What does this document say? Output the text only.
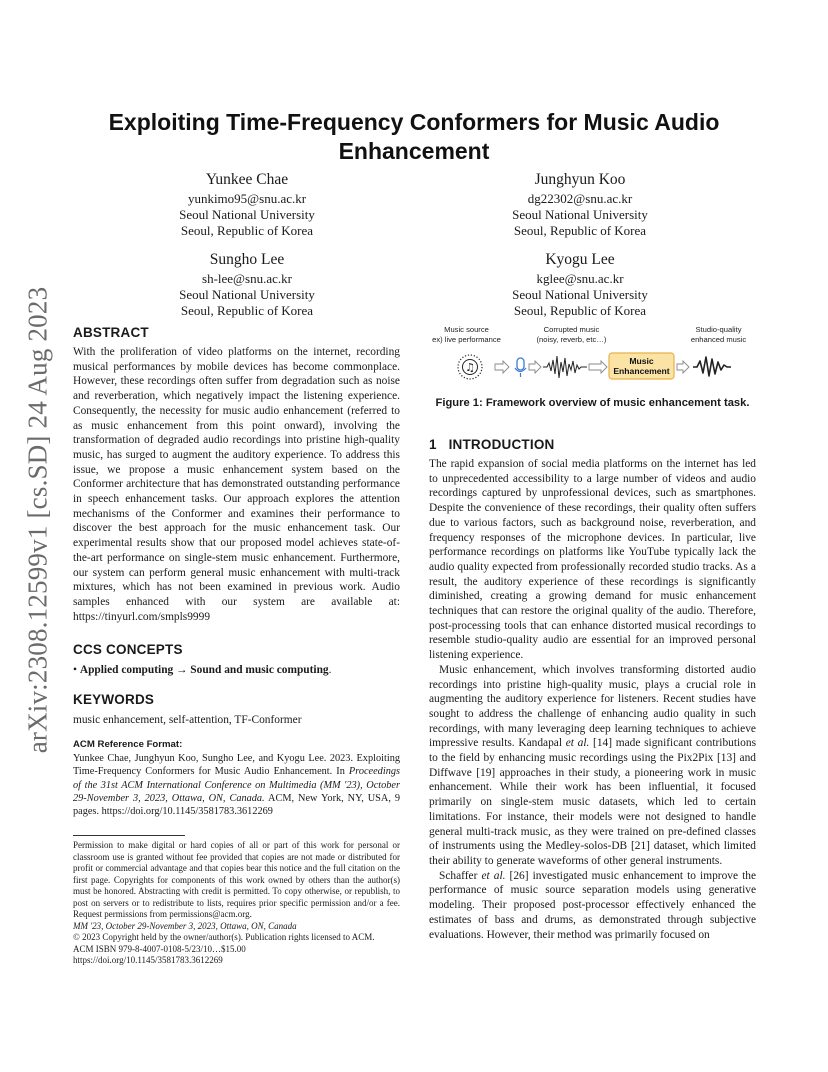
arXiv:2308.12599v1 [cs.SD] 24 Aug 2023
Exploiting Time-Frequency Conformers for Music Audio Enhancement
Yunkee Chae
yunkimo95@snu.ac.kr
Seoul National University
Seoul, Republic of Korea
Junghyun Koo
dg22302@snu.ac.kr
Seoul National University
Seoul, Republic of Korea
Sungho Lee
sh-lee@snu.ac.kr
Seoul National University
Seoul, Republic of Korea
Kyogu Lee
kglee@snu.ac.kr
Seoul National University
Seoul, Republic of Korea
ABSTRACT

With the proliferation of video platforms on the internet, recording musical performances by mobile devices has become commonplace. However, these recordings often suffer from degradation such as noise and reverberation, which negatively impact the listening experience. Consequently, the necessity for music audio enhancement (referred to as music enhancement from this point onward), involving the transformation of degraded audio recordings into pristine high-quality music, has surged to augment the auditory experience. To address this issue, we propose a music enhancement system based on the Conformer architecture that has demonstrated outstanding performance in speech enhancement tasks. Our approach explores the attention mechanisms of the Conformer and examines their performance to discover the best approach for the music enhancement task. Our experimental results show that our proposed model achieves state-of-the-art performance on single-stem music enhancement. Furthermore, our system can perform general music enhancement with multi-track mixtures, which has not been examined in previous work. Audio samples enhanced with our system are available at: https://tinyurl.com/smpls9999

CCS CONCEPTS

• Applied computing → Sound and music computing.

KEYWORDS

music enhancement, self-attention, TF-Conformer

ACM Reference Format:

Yunkee Chae, Junghyun Koo, Sungho Lee, and Kyogu Lee. 2023. Exploiting Time-Frequency Conformers for Music Audio Enhancement. In Proceedings of the 31st ACM International Conference on Multimedia (MM '23), October 29-November 3, 2023, Ottawa, ON, Canada. ACM, New York, NY, USA, 9 pages. https://doi.org/10.1145/3581783.3612269

Permission to make digital or hard copies of all or part of this work for personal or classroom use is granted without fee provided that copies are not made or distributed for profit or commercial advantage and that copies bear this notice and the full citation on the first page. Copyrights for components of this work owned by others than the author(s) must be honored. Abstracting with credit is permitted. To copy otherwise, or republish, to post on servers or to redistribute to lists, requires prior specific permission and/or a fee. Request permissions from permissions@acm.org.

MM '23, October 29-November 3, 2023, Ottawa, ON, Canada

© 2023 Copyright held by the owner/author(s). Publication rights licensed to ACM.

ACM ISBN 979-8-4007-0108-5/23/10…$15.00

https://doi.org/10.1145/3581783.3612269

Music source
ex) live performance
Corrupted music
(noisy, reverb, etc…)
Studio-quality
enhanced music
♫	Music
Enhancement
Figure 1: Framework overview of music enhancement task.
1 INTRODUCTION

The rapid expansion of social media platforms on the internet has led to unprecedented accessibility to a large number of videos and audio recordings captured by unprofessional devices, such as smartphones. Despite the convenience of these recordings, their quality often suffers due to various factors, such as background noise, reverberation, and frequency responses of the microphone devices. In particular, live performance recordings on platforms like YouTube typically lack the audio quality expected from professionally recorded studio tracks. As a result, the auditory experience of these recordings is significantly diminished, creating a growing demand for music enhancement techniques that can restore the original quality of the audio. Therefore, post-processing tools that can enhance distorted musical recordings to resemble studio-quality audio are essential for an improved personal listening experience.

Music enhancement, which involves transforming distorted audio recordings into pristine high-quality music, plays a crucial role in augmenting the auditory experience for listeners. Recent studies have sought to address the challenge of enhancing audio quality in such recordings, with many leveraging deep learning techniques to achieve impressive results. Kandapal et al. [14] made significant contributions to the field by enhancing music recordings using the Pix2Pix [13] and Diffwave [19] approaches in their study, a pioneering work in music enhancement. While their work has been influential, it focused primarily on single-stem music datasets, which led to certain limitations. For instance, their models were not designed to handle general multi-track music, as they were trained on pre-defined classes of instruments using the Medley-solos-DB [21] dataset, which limited their ability to generate waveforms of other general instruments.

Schaffer et al. [26] investigated music enhancement to improve the performance of music source separation models using generative modeling. Their proposed post-processor effectively enhanced the estimates of bass and drums, as demonstrated through subjective evaluations. However, their method was primarily focused on
